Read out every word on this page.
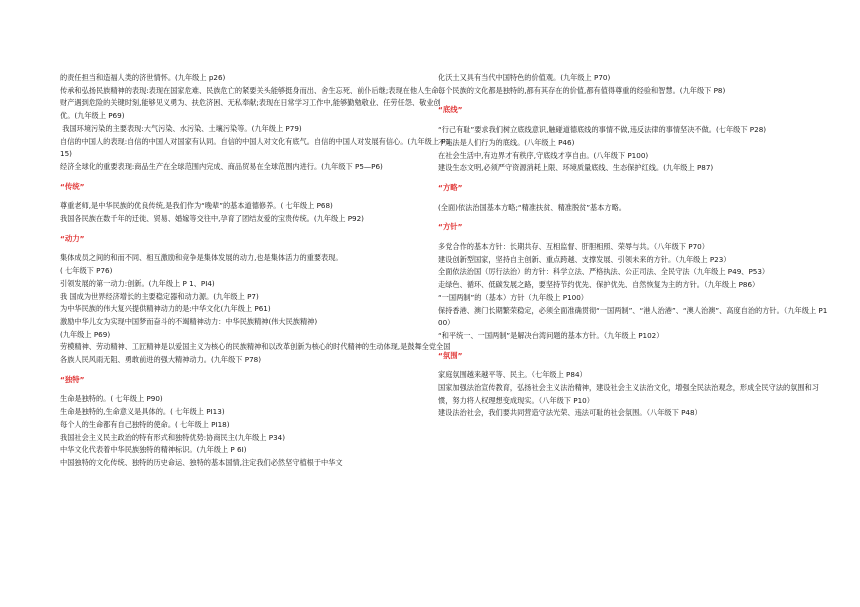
的责任担当和造福人类的济世情怀。(九年级上 p26)
传承和弘扬民族精神的表现:表现在国家危难、民族危亡的紧要关头能够挺身而出、舍生忘死、前仆后继;表现在他人生命、财产遇到危险的关键时刻,能够见义勇为、扶危济困、无私奉献;表现在日常学习工作中,能够勤勉敬业、任劳任怨、敬业创优。(九年级上 P69)
我国环境污染的主要表现:大气污染、水污染、土壤污染等。(九年级上 P79)
自信的中国人的表现:自信的中国人对国家有认同。自信的中国人对文化有底气。自信的中国人对发展有信心。(九年级上 P115)
经济全球化的重要表现:商品生产在全球范围内完成、商品贸易在全球范围内进行。(九年级下 P5—P6)
“传统”
尊重老师,是中华民族的优良传统,是我们作为“晚辈”的基本道德修养。( 七年级上 P68)
我国各民族在数千年的迁徙、贸易、婚嫁等交往中,孕育了团结友爱的宝贵传统。(九年级上 P92)
“动力”
集体成员之间的和而不同、相互激励和竞争是集体发展的动力,也是集体活力的重要表现。
( 七年级下 P76)
引领发展的第一动力:创新。(九年级上 P 1、PI4)
我 国成为世界经济增长的主要稳定器和动力源。(九年级上 P7)
为中华民族的伟大复兴提供精神动力的是:中华文化(九年级上 P61)
激励中华儿女为实现中国梦而奋斗的不竭精神动力：中华民族精神(伟大民族精神)
(九年级上 P69)
劳模精神、劳动精神、工匠精神是以爱国主义为核心的民族精神和以改革创新为核心的时代精神的生动体现,是鼓舞全党全国各族人民风雨无阻、勇敢前进的强大精神动力。(九年级下 P78)
“独特”
生命是独特的。( 七年级上 P90)
生命是独特的,生命意义是具体的。( 七年级上 PI13)
每个人的生命都有自己独特的使命。( 七年级上 PI18)
我国社会主义民主政治的特有形式和独特优势:协商民主(九年级上 P34)
中华文化代表着中华民族独特的精神标识。(九年级上 P 6I)
中国独特的文化传统、独特的历史命运、独特的基本国情,注定我们必然坚守植根于中华文
化沃土又具有当代中国特色的价值观。(九年级上 P70)
每个民族的文化都是独特的,都有其存在的价值,都有值得尊重的经验和智慧。(九年级下 P8)
“底线”
“行己有耻”要求我们树立底线意识,触碰道德底线的事情不做,违反法律的事情坚决不做。(七年级下 P28)
不违法是人们行为的底线。(八年级上 P46)
在社会生活中,有边界才有秩序,守底线才享自由。(八年级下 P100)
建设生态文明,必须严守资源消耗上限、环境质量底线、生态保护红线。(九年级上 P87)
“方略”
(全面)依法治国基本方略;“精准扶贫、精准脱贫”基本方略。
“方针”
多党合作的基本方针：长期共存、互相监督、肝胆相照、荣辱与共。（八年级下 P70）
建设创新型国家，坚持自主创新、重点跨越、支撑发展、引领未来的方针。（九年级上 P23）
全面依法治国（厉行法治）的方针：科学立法、严格执法、公正司法、全民守法（九年级上 P49、P53）
走绿色、循环、低碳发展之路，要坚持节约优先、保护优先、自然恢复为主的方针。（九年级上 P86）
“一国两制”的（基本）方针（九年级上 P100）
保持香港、澳门长期繁荣稳定，必须全面准确贯彻“一国两制”、“港人治港”、“澳人治澳”、高度自治的方针。（九年级上 P100）
“和平统一、一国两制”是解决台湾问题的基本方针。（九年级上 P102）
“氛围”
家庭氛围越来越平等、民主。（七年级上 P84）
国家加强法治宣传教育，弘扬社会主义法治精神，建设社会主义法治文化，增强全民法治观念，形成全民守法的氛围和习惯，努力将人权理想变成现实。（八年级下 P10）
建设法治社会，我们要共同营造守法光荣、违法可耻的社会氛围。（八年级下 P48）
